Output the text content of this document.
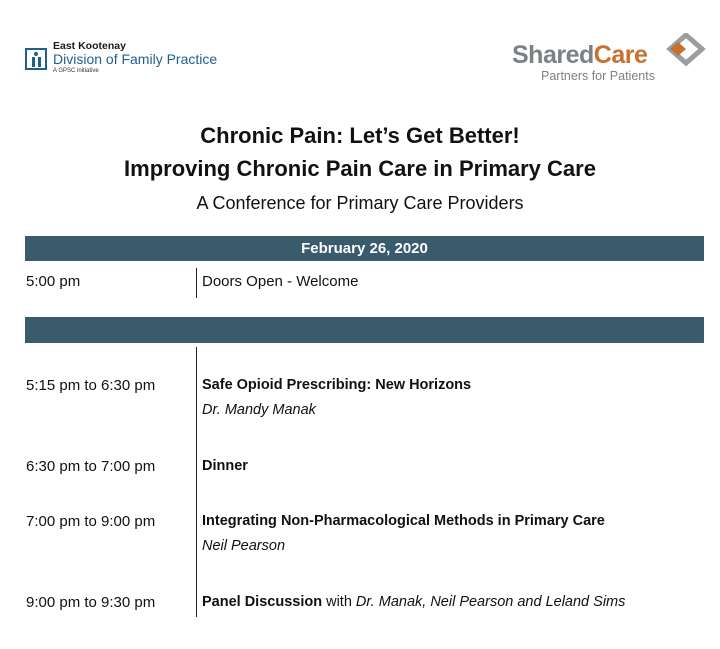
East Kootenay
Division of Family Practice
A GPSC initiative
SharedCare
Partners for Patients
Chronic Pain: Let’s Get Better!
Improving Chronic Pain Care in Primary Care
A Conference for Primary Care Providers
February 26, 2020
5:00 pm	Doors Open - Welcome
5:15 pm to 6:30 pm	Safe Opioid Prescribing: New Horizons
Dr. Mandy Manak
6:30 pm to 7:00 pm	Dinner
7:00 pm to 9:00 pm	Integrating Non-Pharmacological Methods in Primary Care
Neil Pearson
9:00 pm to 9:30 pm	Panel Discussion with Dr. Manak, Neil Pearson and Leland Sims
